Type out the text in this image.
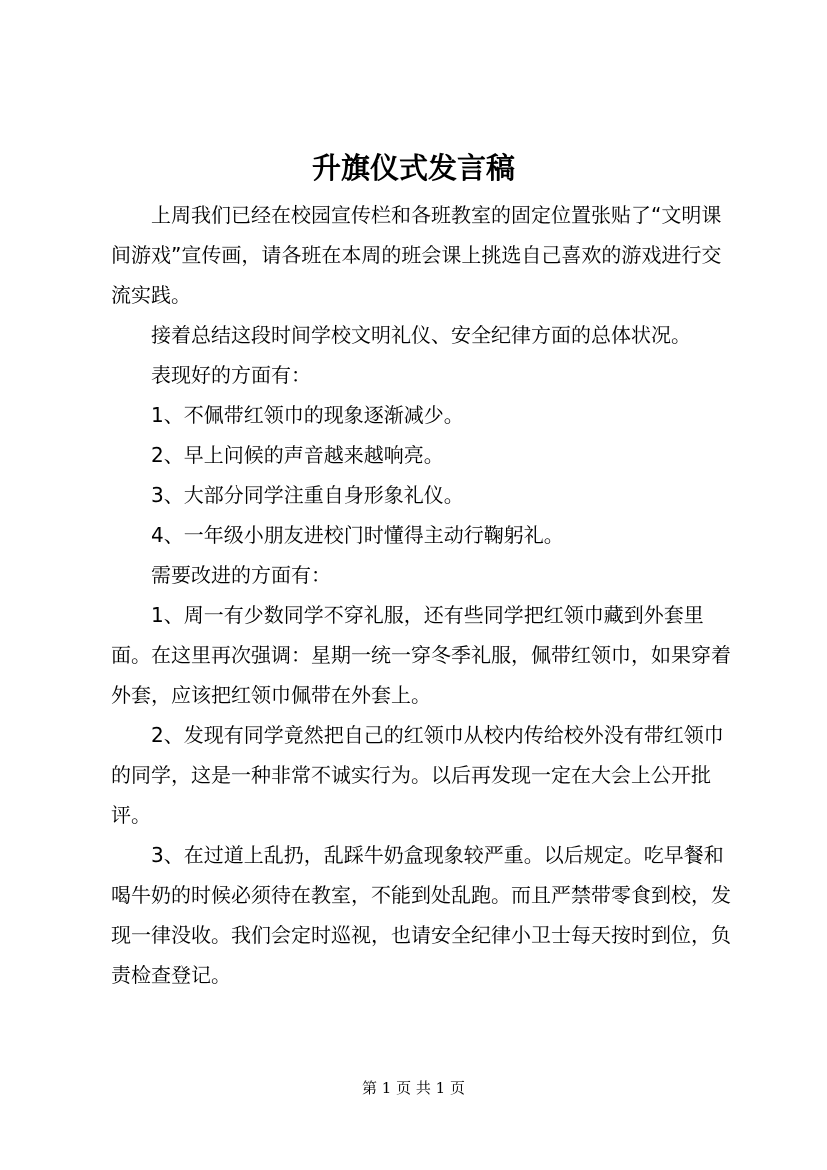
升旗仪式发言稿

上周我们已经在校园宣传栏和各班教室的固定位置张贴了“文明课间游戏”宣传画，请各班在本周的班会课上挑选自己喜欢的游戏进行交流实践。

接着总结这段时间学校文明礼仪、安全纪律方面的总体状况。

表现好的方面有：

1、不佩带红领巾的现象逐渐减少。

2、早上问候的声音越来越响亮。

3、大部分同学注重自身形象礼仪。

4、一年级小朋友进校门时懂得主动行鞠躬礼。

需要改进的方面有：

1、周一有少数同学不穿礼服，还有些同学把红领巾藏到外套里面。在这里再次强调：星期一统一穿冬季礼服，佩带红领巾，如果穿着外套，应该把红领巾佩带在外套上。

2、发现有同学竟然把自己的红领巾从校内传给校外没有带红领巾的同学，这是一种非常不诚实行为。以后再发现一定在大会上公开批评。

3、在过道上乱扔，乱踩牛奶盒现象较严重。以后规定。吃早餐和喝牛奶的时候必须待在教室，不能到处乱跑。而且严禁带零食到校，发现一律没收。我们会定时巡视，也请安全纪律小卫士每天按时到位，负责检查登记。

第 1 页 共 1 页
